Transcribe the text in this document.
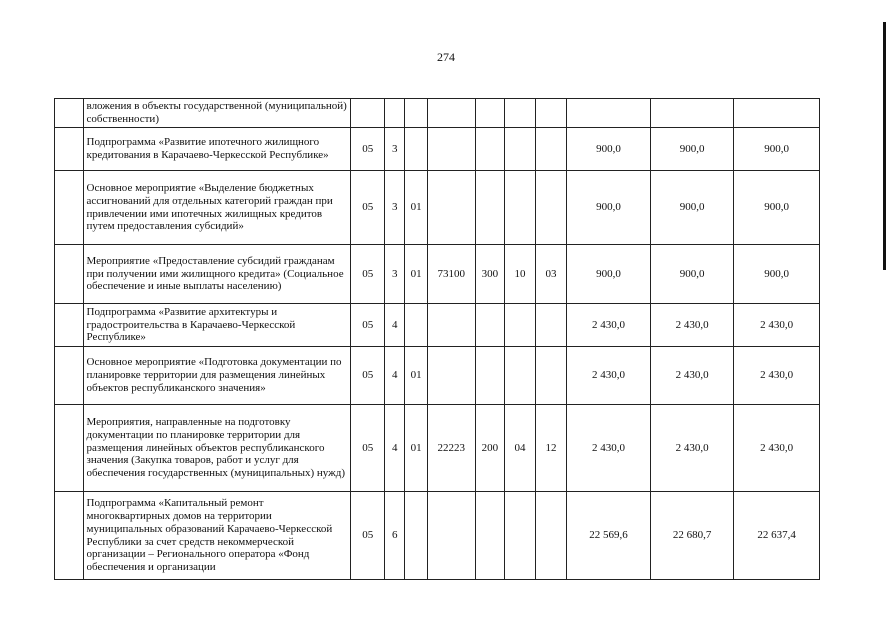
274
	вложения в объекты государственной (муниципальной) собственности)										
	Подпрограмма «Развитие ипотечного жилищного кредитования в Карачаево-Черкесской Республике»	05	3						900,0	900,0	900,0
	Основное мероприятие «Выделение бюджетных ассигнований для отдельных категорий граждан при привлечении ими ипотечных жилищных кредитов путем предоставления субсидий»	05	3	01					900,0	900,0	900,0
	Мероприятие «Предоставление субсидий гражданам при получении ими жилищного кредита» (Социальное обеспечение и иные выплаты населению)	05	3	01	73100	300	10	03	900,0	900,0	900,0
	Подпрограмма «Развитие архитектуры и градостроительства в Карачаево-Черкесской Республике»	05	4						2 430,0	2 430,0	2 430,0
	Основное мероприятие «Подготовка документации по планировке территории для размещения линейных объектов республиканского значения»	05	4	01					2 430,0	2 430,0	2 430,0
	Мероприятия, направленные на подготовку документации по планировке территории для размещения линейных объектов республиканского значения (Закупка товаров, работ и услуг для обеспечения государственных (муниципальных) нужд)	05	4	01	22223	200	04	12	2 430,0	2 430,0	2 430,0
	Подпрограмма «Капитальный ремонт многоквартирных домов на территории муниципальных образований Карачаево-Черкесской Республики за счет средств некоммерческой организации – Регионального оператора «Фонд обеспечения и организации	05	6						22 569,6	22 680,7	22 637,4
